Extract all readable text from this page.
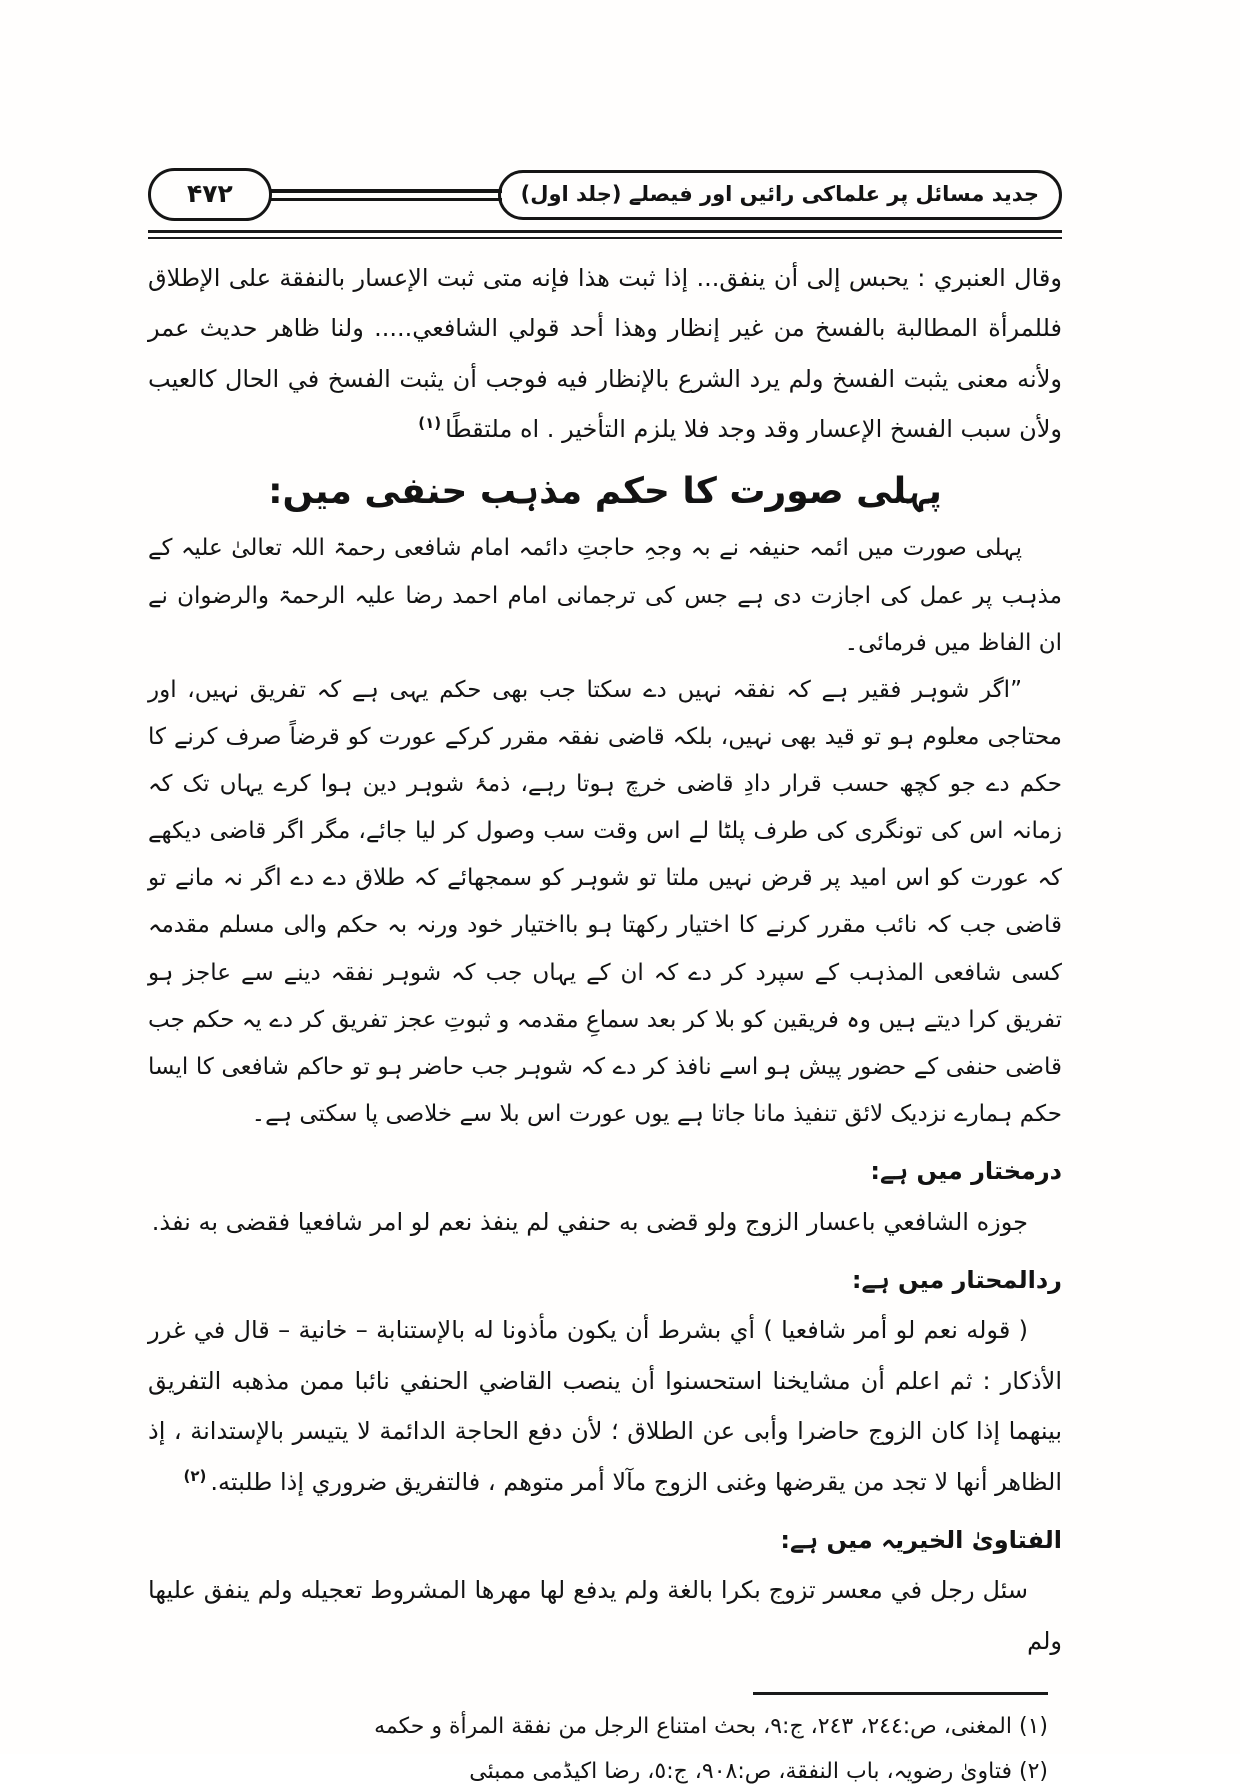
جدید مسائل پر علماکی رائیں اور فیصلے (جلد اول)
۴۷۲

وقال العنبري : يحبس إلى أن ينفق... إذا ثبت هذا فإنه متى ثبت الإعسار بالنفقة على الإطلاق فللمرأة المطالبة بالفسخ من غير إنظار وهذا أحد قولي الشافعي..... ولنا ظاهر حديث عمر ولأنه معنى يثبت الفسخ ولم يرد الشرع بالإنظار فيه فوجب أن يثبت الفسخ في الحال كالعيب ولأن سبب الفسخ الإعسار وقد وجد فلا يلزم التأخير . اه ملتقطًا$^{(۱)}$

پہلی صورت کا حکم مذہب حنفی میں:

پہلی صورت میں ائمہ حنیفہ نے بہ وجہِ حاجتِ دائمہ امام شافعی رحمۃ اللہ تعالیٰ علیہ کے مذہب پر عمل کی اجازت دی ہے جس کی ترجمانی امام احمد رضا علیہ الرحمۃ والرضوان نے ان الفاظ میں فرمائی۔

”اگر شوہر فقیر ہے کہ نفقہ نہیں دے سکتا جب بھی حکم یہی ہے کہ تفریق نہیں، اور محتاجی معلوم ہو تو قید بھی نہیں، بلکہ قاضی نفقہ مقرر کرکے عورت کو قرضاً صرف کرنے کا حکم دے جو کچھ حسب قرار دادِ قاضی خرچ ہوتا رہے، ذمۂ شوہر دین ہوا کرے یہاں تک کہ زمانہ اس کی تونگری کی طرف پلٹا لے اس وقت سب وصول کر لیا جائے، مگر اگر قاضی دیکھے کہ عورت کو اس امید پر قرض نہیں ملتا تو شوہر کو سمجھائے کہ طلاق دے دے اگر نہ مانے تو قاضی جب کہ نائب مقرر کرنے کا اختیار رکھتا ہو بااختیار خود ورنہ بہ حکم والی مسلم مقدمہ کسی شافعی المذہب کے سپرد کر دے کہ ان کے یہاں جب کہ شوہر نفقہ دینے سے عاجز ہو تفریق کرا دیتے ہیں وہ فریقین کو بلا کر بعد سماعِ مقدمہ و ثبوتِ عجز تفریق کر دے یہ حکم جب قاضی حنفی کے حضور پیش ہو اسے نافذ کر دے کہ شوہر جب حاضر ہو تو حاکم شافعی کا ایسا حکم ہمارے نزدیک لائق تنفیذ مانا جاتا ہے یوں عورت اس بلا سے خلاصی پا سکتی ہے۔

درمختار میں ہے:

جوزه الشافعي باعسار الزوج ولو قضى به حنفي لم ينفذ نعم لو امر شافعيا فقضى به نفذ.

ردالمحتار میں ہے:

( قوله نعم لو أمر شافعيا ) أي بشرط أن يكون مأذونا له بالإستنابة – خانية – قال في غرر الأذكار : ثم اعلم أن مشايخنا استحسنوا أن ينصب القاضي الحنفي نائبا ممن مذهبه التفريق بينهما إذا كان الزوج حاضرا وأبى عن الطلاق ؛ لأن دفع الحاجة الدائمة لا يتيسر بالإستدانة ، إذ الظاهر أنها لا تجد من يقرضها وغنى الزوج مآلا أمر متوهم ، فالتفريق ضروري إذا طلبته.$^{(۲)}$

الفتاویٰ الخیریہ میں ہے:

سئل رجل في معسر تزوج بكرا بالغة ولم يدفع لها مهرها المشروط تعجيله ولم ينفق عليها ولم

(۱) المغنی، ص:٢٤٤، ٢٤٣، ج:٩، بحث امتناع الرجل من نفقة المرأة و حكمه

(۲) فتاویٰ رضویہ، باب النفقة، ص:٩٠٨، ج:٥، رضا اکیڈمی ممبئی
